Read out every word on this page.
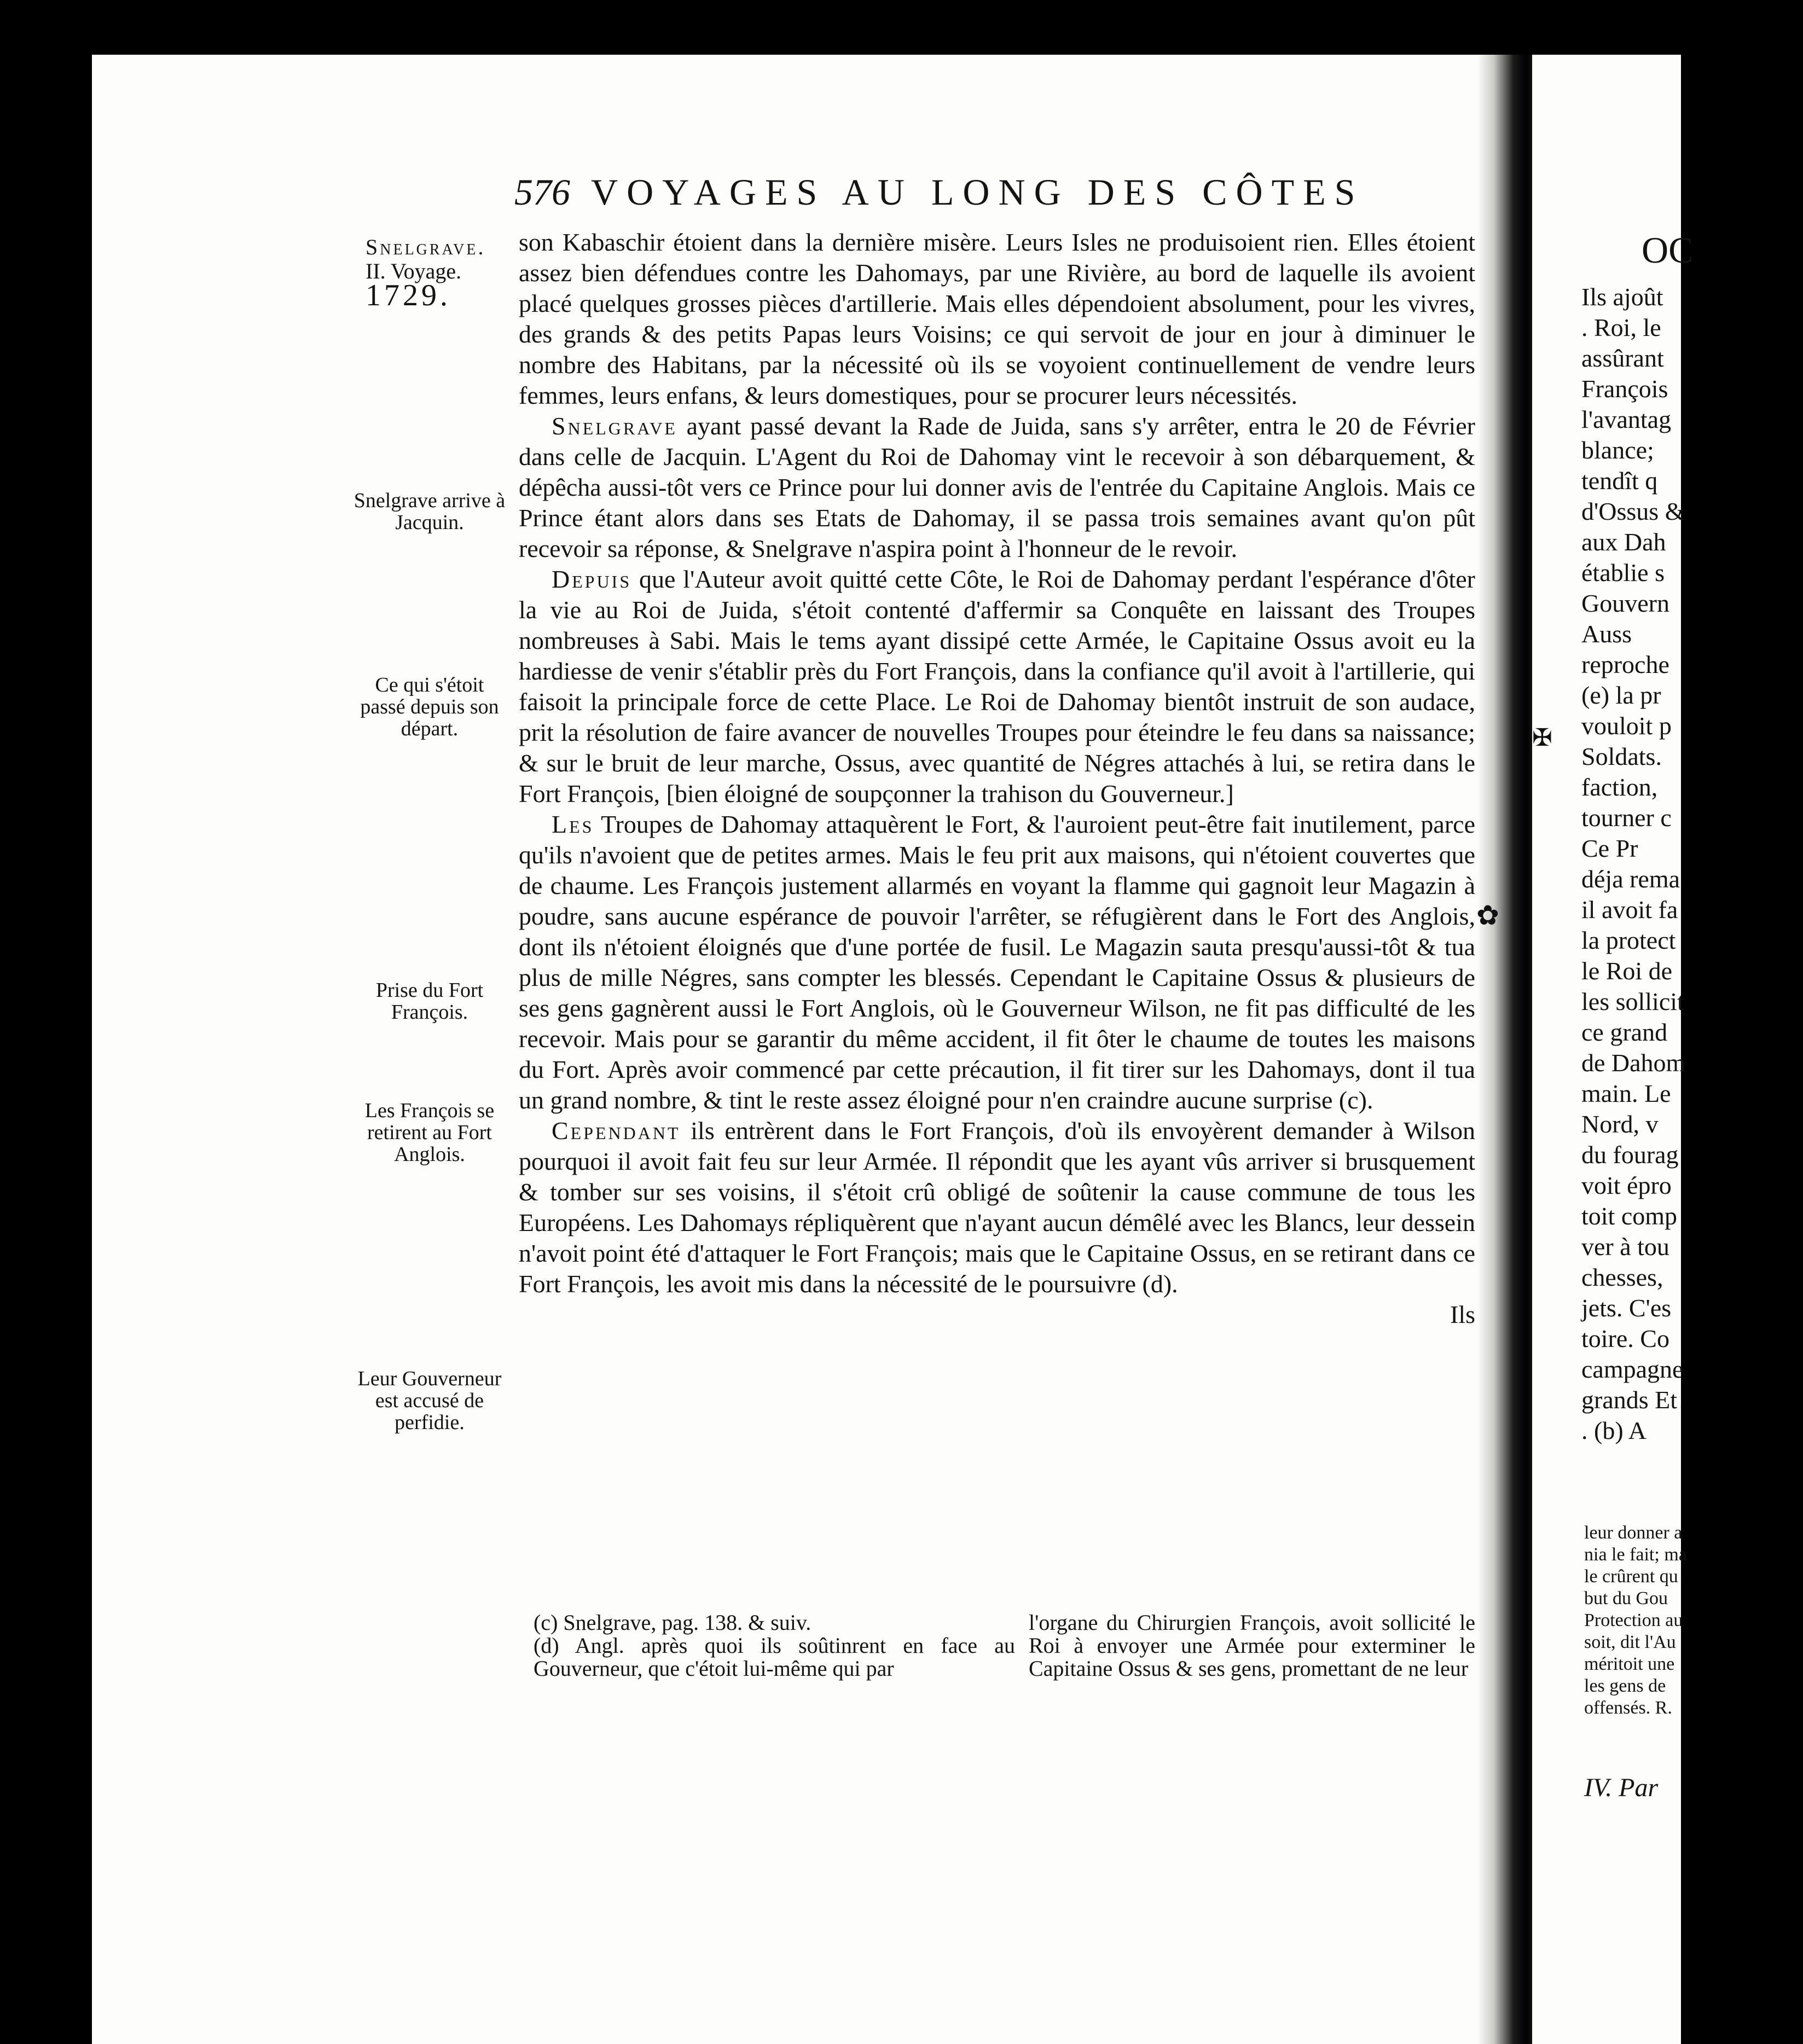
OC
Ils ajoût
. Roi, le
assûrant
François
l'avantag
blance;
tendît q
d'Ossus &
aux Dah
établie s
Gouvern
Auss
reproche
(e) la pr
vouloit p
Soldats.
faction,
tourner c
Ce Pr
déja rema
il avoit fa
la protect
le Roi de
les sollicit
ce grand
de Dahom
main. Le
Nord, v
du fourag
voit épro
toit comp
ver à tou
chesses,
jets. C'es
toire. Co
campagne
grands Et
. (b) A
leur donner a
nia le fait; ma
le crûrent qu
but du Gou
Protection au
soit, dit l'Au
méritoit une
les gens de
offensés. R.
IV. Par
576 VOYAGES AU LONG DES CÔTES
Snelgrave.
II. Voyage.
1729.
Snelgrave arrive à Jacquin.
Ce qui s'étoit passé depuis son départ.
Prise du Fort François.
Les François se retirent au Fort Anglois.
Leur Gouverneur est accusé de perfidie.

son Kabaschir étoient dans la dernière misère. Leurs Isles ne produisoient rien. Elles étoient assez bien défendues contre les Dahomays, par une Rivière, au bord de laquelle ils avoient placé quelques grosses pièces d'artillerie. Mais elles dépendoient absolument, pour les vivres, des grands & des petits Papas leurs Voisins; ce qui servoit de jour en jour à diminuer le nombre des Habitans, par la nécessité où ils se voyoient continuellement de vendre leurs femmes, leurs enfans, & leurs domestiques, pour se procurer leurs nécessités.

Snelgrave ayant passé devant la Rade de Juida, sans s'y arrêter, entra le 20 de Février dans celle de Jacquin. L'Agent du Roi de Dahomay vint le recevoir à son débarquement, & dépêcha aussi-tôt vers ce Prince pour lui donner avis de l'entrée du Capitaine Anglois. Mais ce Prince étant alors dans ses Etats de Dahomay, il se passa trois semaines avant qu'on pût recevoir sa réponse, & Snelgrave n'aspira point à l'honneur de le revoir.

Depuis que l'Auteur avoit quitté cette Côte, le Roi de Dahomay perdant l'espérance d'ôter la vie au Roi de Juida, s'étoit contenté d'affermir sa Conquête en laissant des Troupes nombreuses à Sabi. Mais le tems ayant dissipé cette Armée, le Capitaine Ossus avoit eu la hardiesse de venir s'établir près du Fort François, dans la confiance qu'il avoit à l'artillerie, qui faisoit la principale force de cette Place. Le Roi de Dahomay bientôt instruit de son audace, prit la résolution de faire avancer de nouvelles Troupes pour éteindre le feu dans sa naissance; & sur le bruit de leur marche, Ossus, avec quantité de Négres attachés à lui, se retira dans le Fort François, [bien éloigné de soupçonner la trahison du Gouverneur.]

Les Troupes de Dahomay attaquèrent le Fort, & l'auroient peut-être fait inutilement, parce qu'ils n'avoient que de petites armes. Mais le feu prit aux maisons, qui n'étoient couvertes que de chaume. Les François justement allarmés en voyant la flamme qui gagnoit leur Magazin à poudre, sans aucune espérance de pouvoir l'arrêter, se réfugièrent dans le Fort des Anglois, dont ils n'étoient éloignés que d'une portée de fusil. Le Magazin sauta presqu'aussi-tôt & tua plus de mille Négres, sans compter les blessés. Cependant le Capitaine Ossus & plusieurs de ses gens gagnèrent aussi le Fort Anglois, où le Gouverneur Wilson, ne fit pas difficulté de les recevoir. Mais pour se garantir du même accident, il fit ôter le chaume de toutes les maisons du Fort. Après avoir commencé par cette précaution, il fit tirer sur les Dahomays, dont il tua un grand nombre, & tint le reste assez éloigné pour n'en craindre aucune surprise (c).

Cependant ils entrèrent dans le Fort François, d'où ils envoyèrent demander à Wilson pourquoi il avoit fait feu sur leur Armée. Il répondit que les ayant vûs arriver si brusquement & tomber sur ses voisins, il s'étoit crû obligé de soûtenir la cause commune de tous les Européens. Les Dahomays répliquèrent que n'ayant aucun démêlé avec les Blancs, leur dessein n'avoit point été d'attaquer le Fort François; mais que le Capitaine Ossus, en se retirant dans ce Fort François, les avoit mis dans la nécessité de le poursuivre (d).

Ils

(c) Snelgrave, pag. 138. & suiv.

(d) Angl. après quoi ils soûtinrent en face au Gouverneur, que c'étoit lui-même qui par

l'organe du Chirurgien François, avoit sollicité le Roi à envoyer une Armée pour exterminer le Capitaine Ossus & ses gens, promettant de ne leur

✠
✿
